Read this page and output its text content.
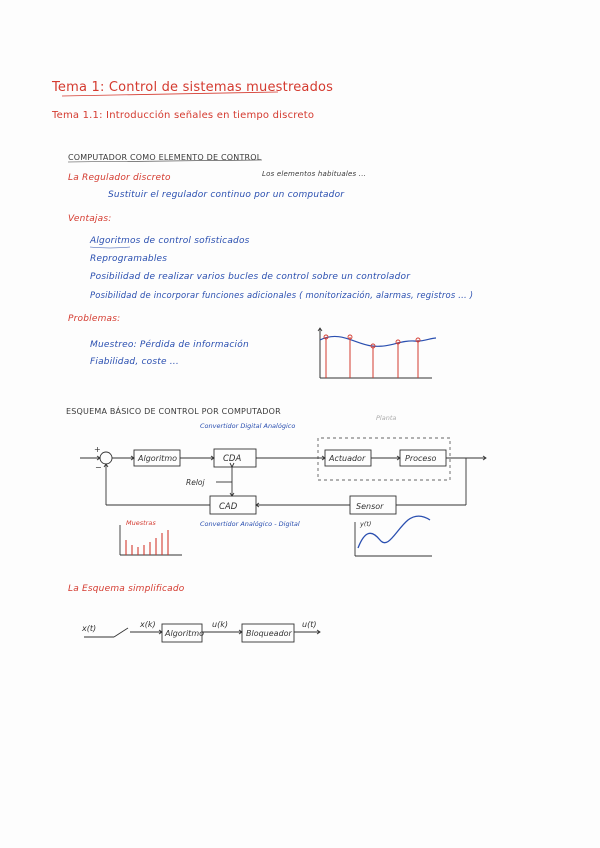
Tema 1: Control de sistemas muestreados
Tema 1.1: Introducción señales en tiempo discreto
COMPUTADOR COMO ELEMENTO DE CONTROL
La Regulador discreto	Los elementos habituales ...
Sustituir el regulador continuo por un computador
Ventajas:
Algoritmos de control sofisticados
Reprogramables
Posibilidad de realizar varios bucles de control sobre un controlador
Posibilidad de incorporar funciones adicionales ( monitorización, alarmas, registros ... )
Problemas:
Muestreo: Pérdida de información
Fiabilidad, coste ...
ESQUEMA BÁSICO DE CONTROL POR COMPUTADOR
La Esquema simplificado
+
−
Convertidor Digital Analógico
Planta
Algoritmo	CDA	Actuador	Proceso
Reloj
CAD
Convertidor Analógico - Digital
Sensor
Muestras	y(t)
x(t)	x(k)
Algoritmo
u(k)
Bloqueador
u(t)
